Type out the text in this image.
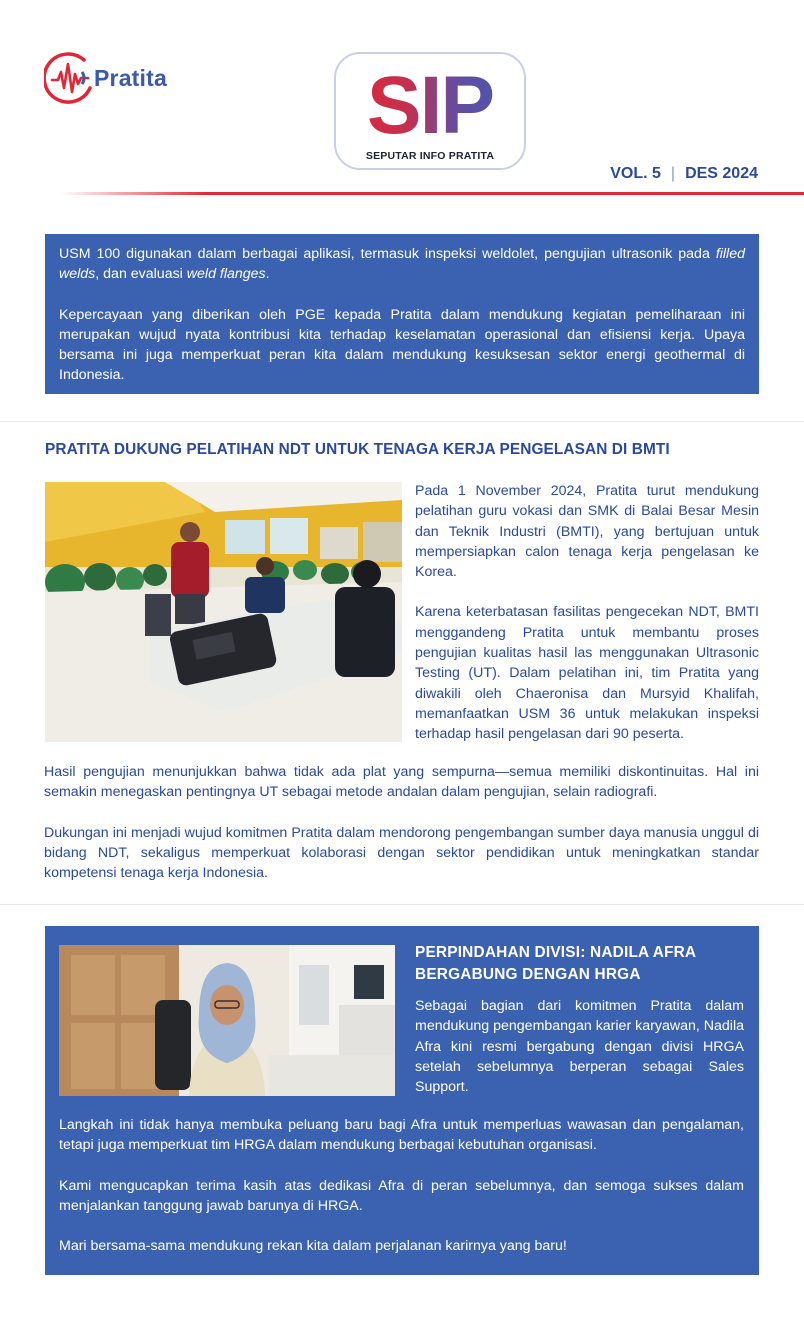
Pratita	SIP
SEPUTAR INFO PRATITA
VOL. 5 | DES 2024

USM 100 digunakan dalam berbagai aplikasi, termasuk inspeksi weldolet, pengujian ultrasonik pada filled welds, dan evaluasi weld flanges.

Kepercayaan yang diberikan oleh PGE kepada Pratita dalam mendukung kegiatan pemeliharaan ini merupakan wujud nyata kontribusi kita terhadap keselamatan operasional dan efisiensi kerja. Upaya bersama ini juga memperkuat peran kita dalam mendukung kesuksesan sektor energi geothermal di Indonesia.

PRATITA DUKUNG PELATIHAN NDT UNTUK TENAGA KERJA PENGELASAN DI BMTI

Pada 1 November 2024, Pratita turut mendukung pelatihan guru vokasi dan SMK di Balai Besar Mesin dan Teknik Industri (BMTI), yang bertujuan untuk mempersiapkan calon tenaga kerja pengelasan ke Korea.

Karena keterbatasan fasilitas pengecekan NDT, BMTI menggandeng Pratita untuk membantu proses pengujian kualitas hasil las menggunakan Ultrasonic Testing (UT). Dalam pelatihan ini, tim Pratita yang diwakili oleh Chaeronisa dan Mursyid Khalifah, memanfaatkan USM 36 untuk melakukan inspeksi terhadap hasil pengelasan dari 90 peserta.

Hasil pengujian menunjukkan bahwa tidak ada plat yang sempurna—semua memiliki diskontinuitas. Hal ini semakin menegaskan pentingnya UT sebagai metode andalan dalam pengujian, selain radiografi.

Dukungan ini menjadi wujud komitmen Pratita dalam mendorong pengembangan sumber daya manusia unggul di bidang NDT, sekaligus memperkuat kolaborasi dengan sektor pendidikan untuk meningkatkan standar kompetensi tenaga kerja Indonesia.

PERPINDAHAN DIVISI: NADILA AFRA
BERGABUNG DENGAN HRGA

Sebagai bagian dari komitmen Pratita dalam mendukung pengembangan karier karyawan, Nadila Afra kini resmi bergabung dengan divisi HRGA setelah sebelumnya berperan sebagai Sales Support.

Langkah ini tidak hanya membuka peluang baru bagi Afra untuk memperluas wawasan dan pengalaman, tetapi juga memperkuat tim HRGA dalam mendukung berbagai kebutuhan organisasi.

Kami mengucapkan terima kasih atas dedikasi Afra di peran sebelumnya, dan semoga sukses dalam menjalankan tanggung jawab barunya di HRGA.

Mari bersama-sama mendukung rekan kita dalam perjalanan karirnya yang baru!
